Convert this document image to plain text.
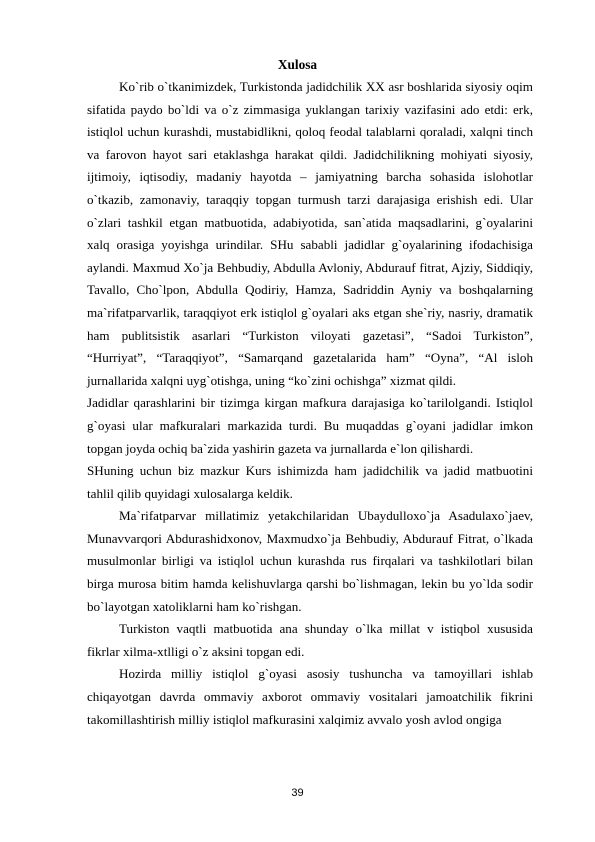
Xulosa

Ko`rib o`tkanimizdek, Turkistonda jadidchilik XX asr boshlarida siyosiy oqim sifatida paydo bo`ldi va o`z zimmasiga yuklangan tarixiy vazifasini ado etdi: erk, istiqlol uchun kurashdi, mustabidlikni, qoloq feodal talablarni qoraladi, xalqni tinch va farovon hayot sari etaklashga harakat qildi. Jadidchilikning mohiyati siyosiy, ijtimoiy, iqtisodiy, madaniy hayotda – jamiyatning barcha sohasida islohotlar o`tkazib, zamonaviy, taraqqiy topgan turmush tarzi darajasiga erishish edi. Ular o`zlari tashkil etgan matbuotida, adabiyotida, san`atida maqsadlarini, g`oyalarini xalq orasiga yoyishga urindilar. SHu sababli jadidlar g`oyalarining ifodachisiga aylandi. Maxmud Xo`ja Behbudiy, Abdulla Avloniy, Abdurauf fitrat, Ajziy, Siddiqiy, Tavallo, Cho`lpon, Abdulla Qodiriy, Hamza, Sadriddin Ayniy va boshqalarning ma`rifatparvarlik, taraqqiyot erk istiqlol g`oyalari aks etgan she`riy, nasriy, dramatik ham publitsistik asarlari “Turkiston viloyati gazetasi”, “Sadoi Turkiston”, “Hurriyat”, “Taraqqiyot”, “Samarqand gazetalarida ham” “Oyna”, “Al isloh jurnallarida xalqni uyg`otishga, uning “ko`zini ochishga” xizmat qildi.

Jadidlar qarashlarini bir tizimga kirgan mafkura darajasiga ko`tarilolgandi. Istiqlol g`oyasi ular mafkuralari markazida turdi. Bu muqaddas g`oyani jadidlar imkon topgan joyda ochiq ba`zida yashirin gazeta va jurnallarda e`lon qilishardi.

SHuning uchun biz mazkur Kurs ishimizda ham jadidchilik va jadid matbuotini tahlil qilib quyidagi xulosalarga keldik.

Ma`rifatparvar millatimiz yetakchilaridan Ubaydulloxo`ja Asadulaxo`jaev, Munavvarqori Abdurashidxonov, Maxmudxo`ja Behbudiy, Abdurauf Fitrat, o`lkada musulmonlar birligi va istiqlol uchun kurashda rus firqalari va tashkilotlari bilan birga murosa bitim hamda kelishuvlarga qarshi bo`lishmagan, lekin bu yo`lda sodir bo`layotgan xatoliklarni ham ko`rishgan.

Turkiston vaqtli matbuotida ana shunday o`lka millat v istiqbol xususida fikrlar xilma-xtlligi o`z aksini topgan edi.

Hozirda milliy istiqlol g`oyasi asosiy tushuncha va tamoyillari ishlab chiqayotgan davrda ommaviy axborot ommaviy vositalari jamoatchilik fikrini takomillashtirish milliy istiqlol mafkurasini xalqimiz avvalo yosh avlod ongiga

39
